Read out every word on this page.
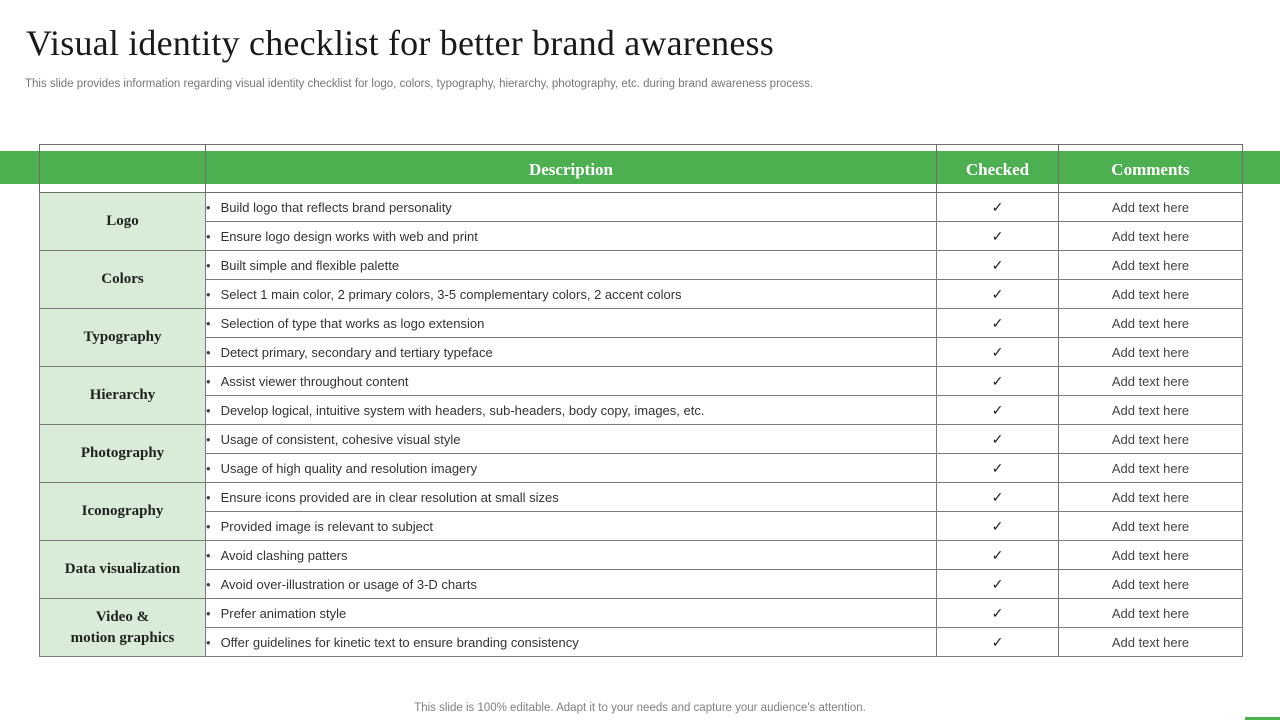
Visual identity checklist for better brand awareness
This slide provides information regarding visual identity checklist for logo, colors, typography, hierarchy, photography, etc. during brand awareness process.
	Description	Checked	Comments
Logo	• Build logo that reflects brand personality	✓	Add text here
	• Ensure logo design works with web and print	✓	Add text here
Colors	• Built simple and flexible palette	✓	Add text here
	• Select 1 main color, 2 primary colors, 3-5 complementary colors, 2 accent colors	✓	Add text here
Typography	• Selection of type that works as logo extension	✓	Add text here
	• Detect primary, secondary and tertiary typeface	✓	Add text here
Hierarchy	• Assist viewer throughout content	✓	Add text here
	• Develop logical, intuitive system with headers, sub-headers, body copy, images, etc.	✓	Add text here
Photography	• Usage of consistent, cohesive visual style	✓	Add text here
	• Usage of high quality and resolution imagery	✓	Add text here
Iconography	• Ensure icons provided are in clear resolution at small sizes	✓	Add text here
	• Provided image is relevant to subject	✓	Add text here
Data visualization	• Avoid clashing patters	✓	Add text here
	• Avoid over-illustration or usage of 3-D charts	✓	Add text here
Video &
motion graphics	• Prefer animation style	✓	Add text here
	• Offer guidelines for kinetic text to ensure branding consistency	✓	Add text here
This slide is 100% editable. Adapt it to your needs and capture your audience's attention.
